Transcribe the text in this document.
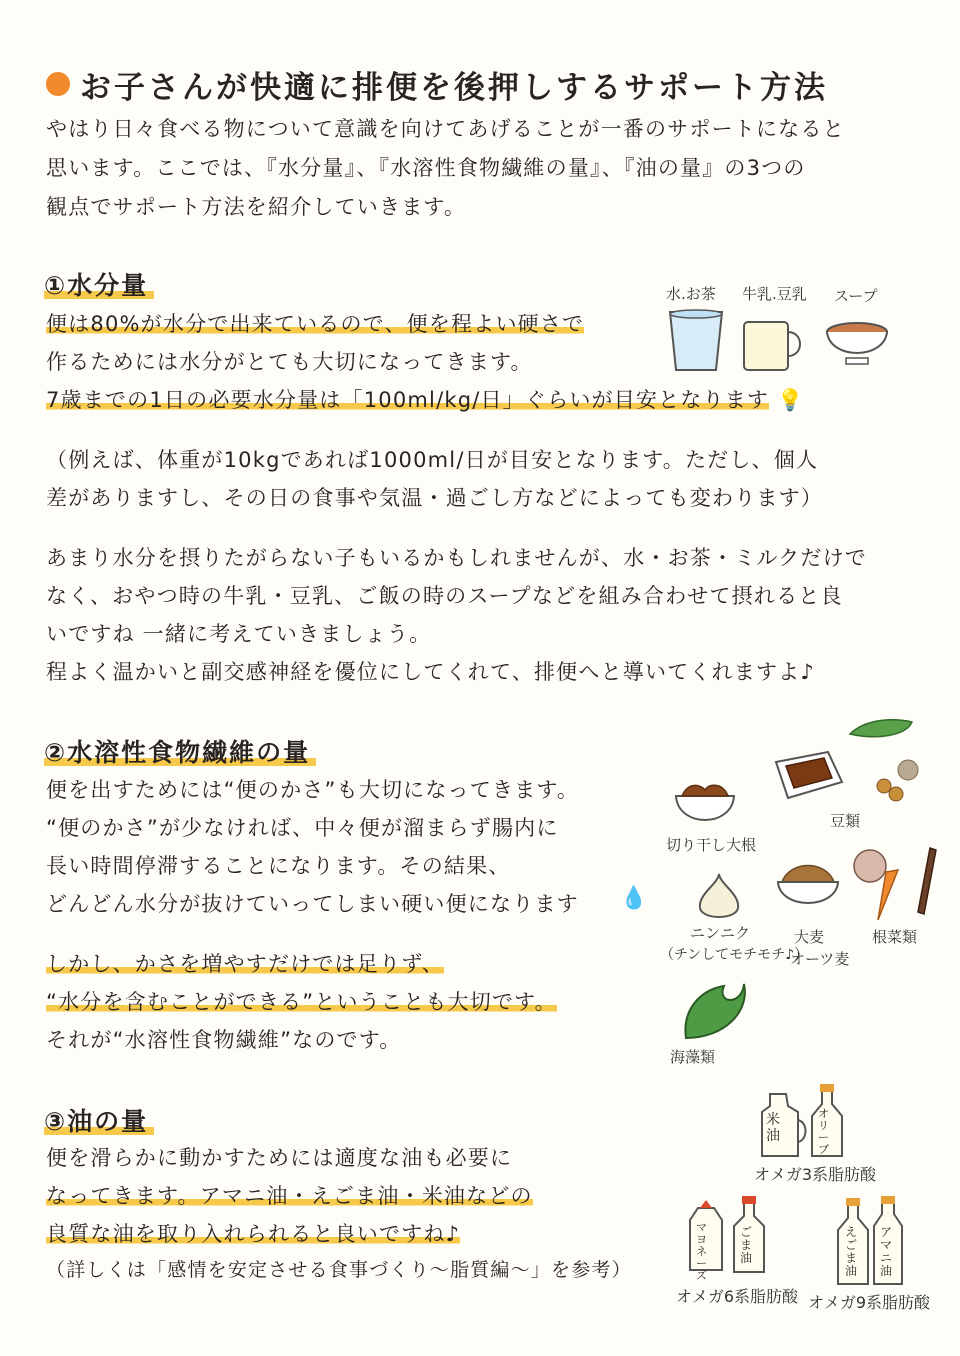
お子さんが快適に排便を後押しするサポート方法
やはり日々食べる物について意識を向けてあげることが一番のサポートになると
思います。ここでは、『水分量』、『水溶性食物繊維の量』、『油の量』の3つの
観点でサポート方法を紹介していきます。
①水分量
便は80%が水分で出来ているので、便を程よい硬さで
作るためには水分がとても大切になってきます。
7歳までの1日の必要水分量は「100ml/kg/日」ぐらいが目安となります 💡
水.お茶 牛乳.豆乳 スープ
（例えば、体重が10kgであれば1000ml/日が目安となります。ただし、個人
差がありますし、その日の食事や気温・過ごし方などによっても変わります）
あまり水分を摂りたがらない子もいるかもしれませんが、水・お茶・ミルクだけで
なく、おやつ時の牛乳・豆乳、ご飯の時のスープなどを組み合わせて摂れると良
いですね 一緒に考えていきましょう。
程よく温かいと副交感神経を優位にしてくれて、排便へと導いてくれますよ♪
②水溶性食物繊維の量
便を出すためには“便のかさ”も大切になってきます。
“便のかさ”が少なければ、中々便が溜まらず腸内に
長い時間停滞することになります。その結果、
どんどん水分が抜けていってしまい硬い便になります 💧
しかし、かさを増やすだけでは足りず、
“水分を含むことができる”ということも大切です。
それが“水溶性食物繊維”なのです。
切り干し大根
豆類
ニンニク
（チンしてモチモチ♪）
大麦
オーツ麦
根菜類
海藻類
③油の量
便を滑らかに動かすためには適度な油も必要に
なってきます。アマニ油・えごま油・米油などの
良質な油を取り入れられると良いですね♪
（詳しくは「感情を安定させる食事づくり〜脂質編〜」を参考）
米油
オリーブ
オメガ3系脂肪酸
マヨネーズ
ごま油
オメガ6系脂肪酸
えごま油
アマニ油
オメガ9系脂肪酸
